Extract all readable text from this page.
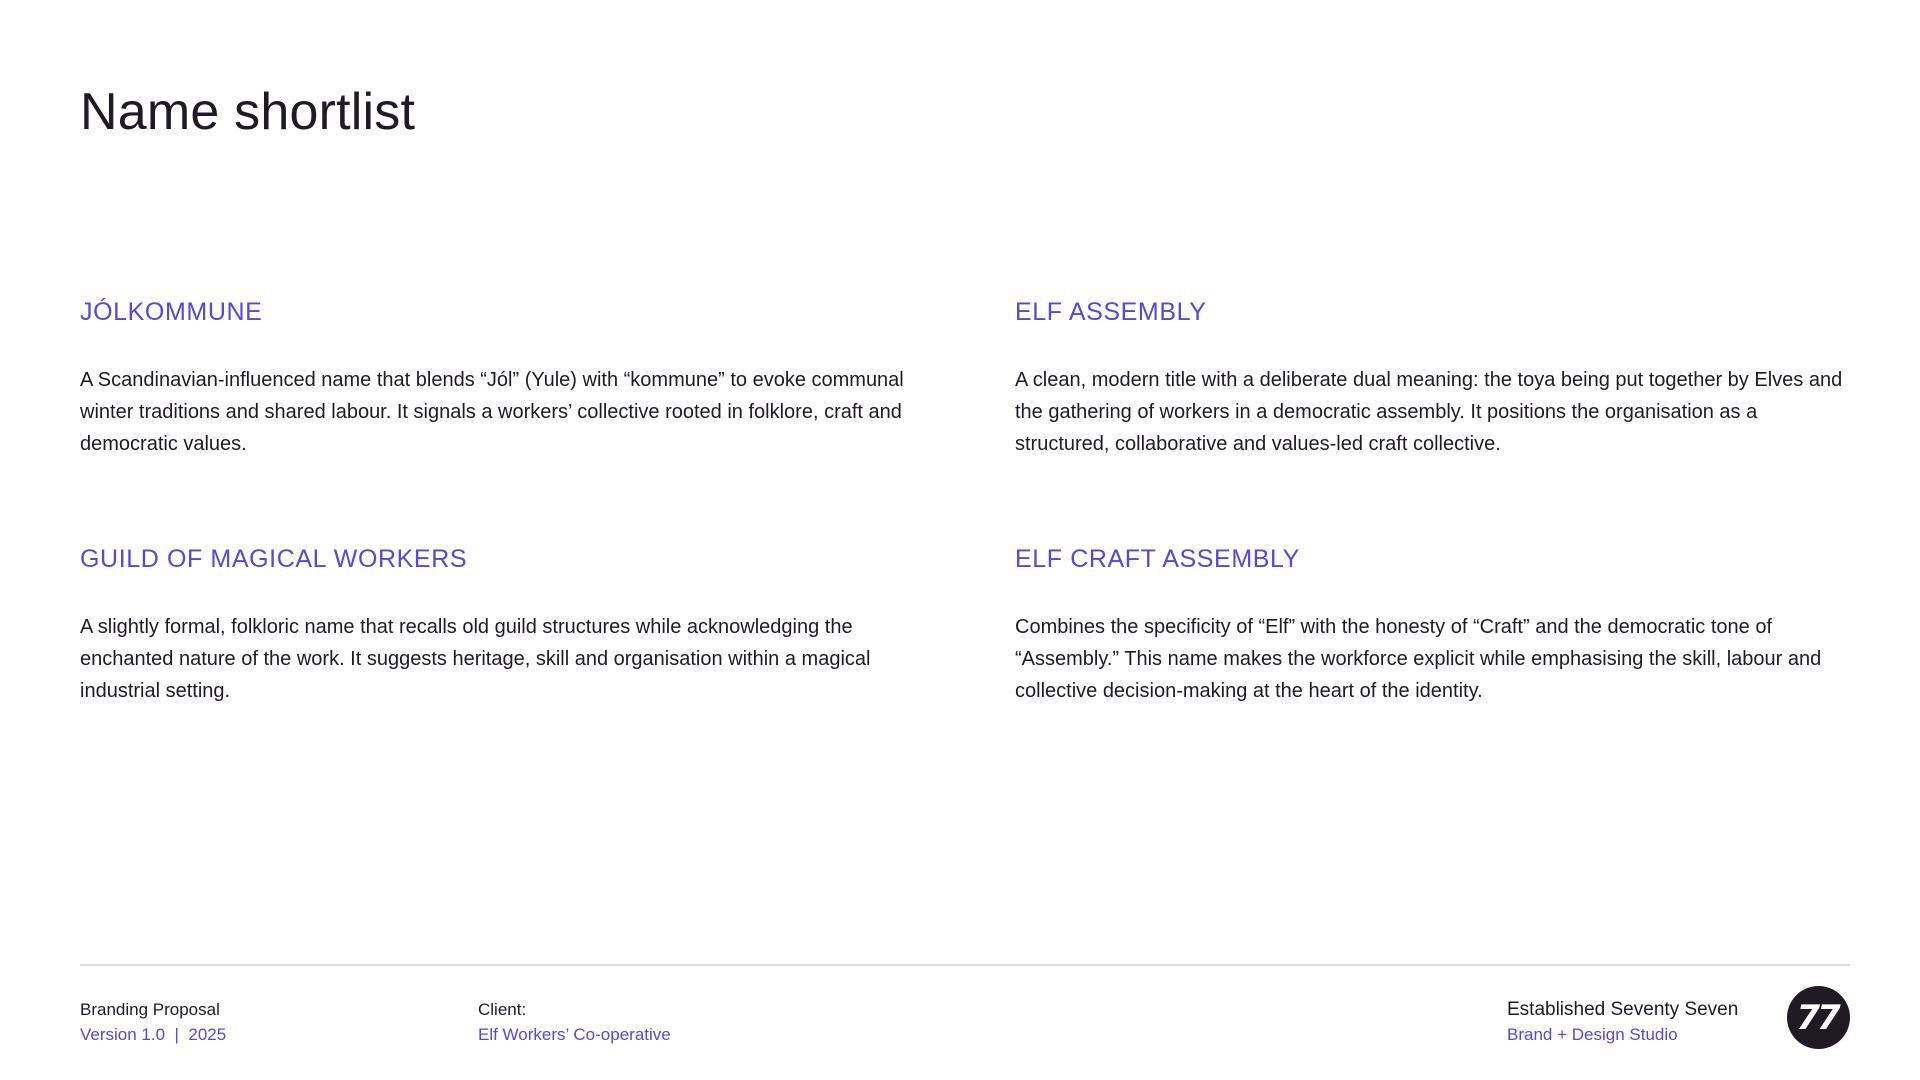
Name shortlist
JÓLKOMMUNE

A Scandinavian-influenced name that blends “Jól” (Yule) with “kommune” to evoke communal winter traditions and shared labour. It signals a workers’ collective rooted in folklore, craft and democratic values.

ELF ASSEMBLY

A clean, modern title with a deliberate dual meaning: the toya being put together by Elves and the gathering of workers in a democratic assembly. It positions the organisation as a structured, collaborative and values-led craft collective.

GUILD OF MAGICAL WORKERS

A slightly formal, folkloric name that recalls old guild structures while acknowledging the enchanted nature of the work. It suggests heritage, skill and organisation within a magical industrial setting.

ELF CRAFT ASSEMBLY

Combines the specificity of “Elf” with the honesty of “Craft” and the democratic tone of “Assembly.” This name makes the workforce explicit while emphasising the skill, labour and collective decision-making at the heart of the identity.

Branding Proposal
Version 1.0  |  2025
Client:
Elf Workers’ Co-operative
Established Seventy Seven
Brand + Design Studio	77
